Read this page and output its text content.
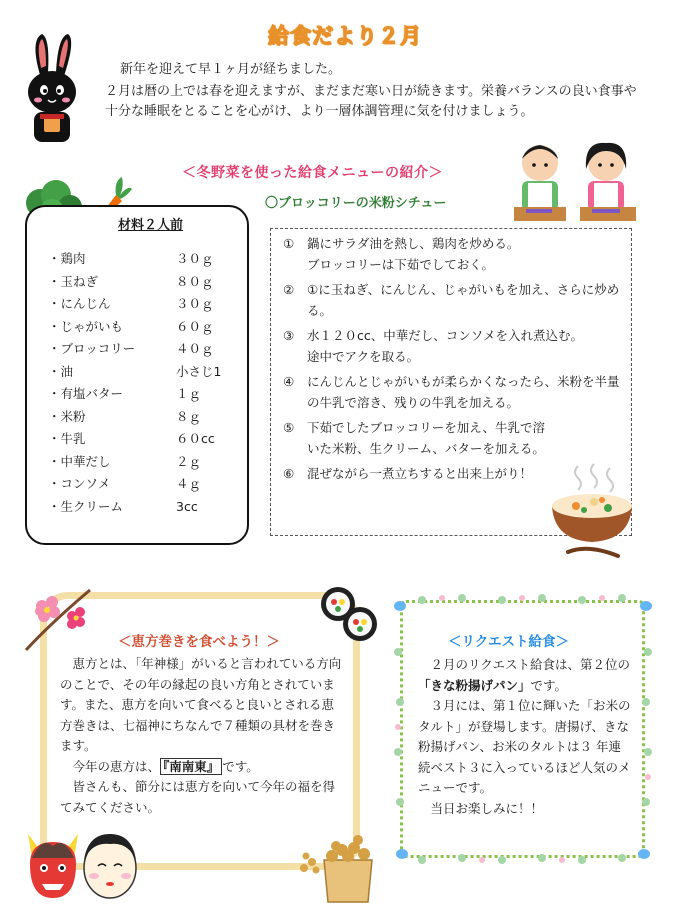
給食だより２月
新年を迎えて早１ヶ月が経ちました。
２月は暦の上では春を迎えますが、まだまだ寒い日が続きます。栄養バランスの良い食事や十分な睡眠をとることを心がけ、より一層体調管理に気を付けましょう。
＜冬野菜を使った給食メニューの紹介＞
〇ブロッコリーの米粉シチュー
材料２人前
・鶏肉	３０ｇ
・玉ねぎ	８０ｇ
・にんじん	３０ｇ
・じゃがいも	６０ｇ
・ブロッコリー	４０ｇ
・油	小さじ1
・有塩バター	１ｇ
・米粉	８ｇ
・牛乳	６０cc
・中華だし	２ｇ
・コンソメ	４ｇ
・生クリーム	3cc
①	鍋にサラダ油を熱し、鶏肉を炒める。
ブロッコリーは下茹でしておく。
②	①に玉ねぎ、にんじん、じゃがいもを加え、さらに炒める。
③	水１２０cc、中華だし、コンソメを入れ煮込む。
途中でアクを取る。
④	にんじんとじゃがいもが柔らかくなったら、米粉を半量の牛乳で溶き、残りの牛乳を加える。
⑤	下茹でしたブロッコリーを加え、牛乳で溶いた米粉、生クリーム、バターを加える。
⑥	混ぜながら一煮立ちすると出来上がり！
＜恵方巻きを食べよう！＞

恵方とは、「年神様」がいると言われている方向のことで、その年の縁起の良い方角とされています。また、恵方を向いて食べると良いとされる恵方巻きは、七福神にちなんで７種類の具材を巻きます。

今年の恵方は、 『南南東』 です。

皆さんも、節分には恵方を向いて今年の福を得てみてください。

＜リクエスト給食＞

２月のリクエスト給食は、第２位の「きな粉揚げパン」です。

３月には、第１位に輝いた「お米のタルト」が登場します。唐揚げ、きな粉揚げパン、お米のタルトは３ 年連続ベスト３に入っているほど人気のメニューです。

当日お楽しみに！！
